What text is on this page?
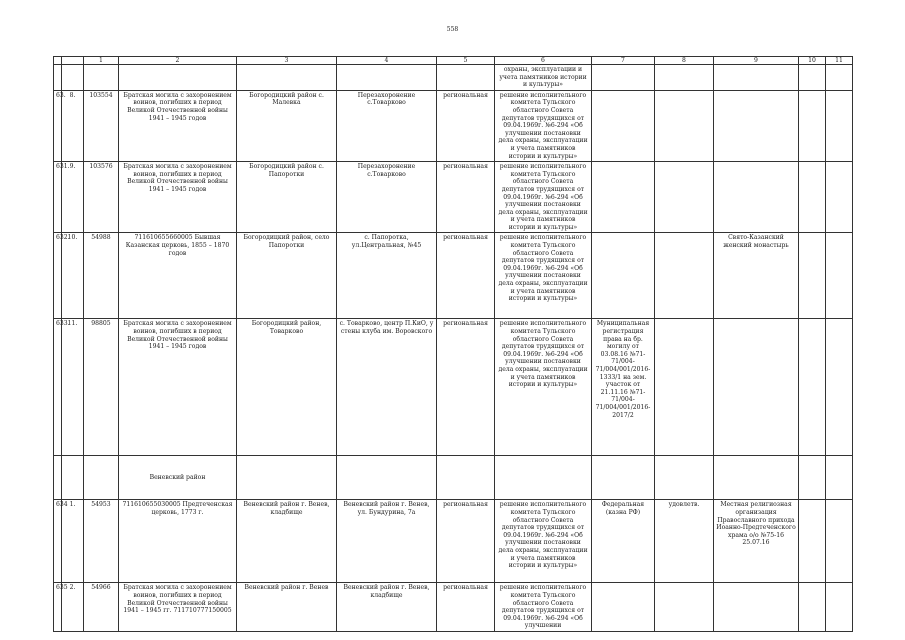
558
		1	2	3	4	5	6	7	8	9	10	11
							охраны, эксплуатации и учета памятников истории и культуры»					
63.	8.	103554	Братская могила с захоронением воинов, погибших в период Великой Отечественной войны 1941 – 1945 годов	Богородицкий район с. Малевка	Перезахоронение с.Товарково	региональная	решение исполнительного комитета Тульского областного Совета депутатов трудящихся от 09.04.1969г. №6-294 «Об улучшении постановки дела охраны, эксплуатации и учета памятников истории и культуры»					
631.	9.	103576	Братская могила с захоронением воинов, погибших в период Великой Отечественной войны 1941 – 1945 годов	Богородицкий район с. Папоротки	Перезахоронение с.Товарково	региональная	решение исполнительного комитета Тульского областного Совета депутатов трудящихся от 09.04.1969г. №6-294 «Об улучшении постановки дела охраны, эксплуатации и учета памятников истории и культуры»					
632.	10.	54988	711610655660005 Бывшая Казанская церковь, 1855 – 1870 годов	Богородицкий район, село Папоротки	с. Папоротка, ул.Центральная, №45	региональная	решение исполнительного комитета Тульского областного Совета депутатов трудящихся от 09.04.1969г. №6-294 «Об улучшении постановки дела охраны, эксплуатации и учета памятников истории и культуры»			Свято-Казанский женский монастырь		
633.	11.	98805	Братская могила с захоронением воинов, погибших в период Великой Отечественной войны 1941 – 1945 годов	Богородицкий район, Товарково	с. Товарково, центр П.КиО, у стены клуба им. Воровского	региональная	решение исполнительного комитета Тульского областного Совета депутатов трудящихся от 09.04.1969г. №6-294 «Об улучшении постановки дела охраны, эксплуатации и учета памятников истории и культуры»	Муниципальная регистрация права на бр. могилу от 03.08.16 №71-71/004-71/004/001/2016-1333/1 на зем. участок от 21.11.16 №71-71/004-71/004/001/2016-2017/2				
			Веневский район									
634	1.	54953	711610655030005 Предтеченская церковь, 1773 г.	Веневский район г. Венев, кладбище	Веневский район г. Венев, ул. Бундурина, 7а	региональная	решение исполнительного комитета Тульского областного Совета депутатов трудящихся от 09.04.1969г. №6-294 «Об улучшении постановки дела охраны, эксплуатации и учета памятников истории и культуры»	Федеральная (казна РФ)	удовлетв.	Местная религиозная организация Православного прихода Иоанно-Предтеченского храма о/о №75-16 25.07.16		
635	2.	54966	Братская могила с захоронением воинов, погибших в период Великой Отечественной войны 1941 – 1945 гг. 711710777150005	Веневский район г. Венев	Веневский район г. Венев, кладбище	региональная	решение исполнительного комитета Тульского областного Совета депутатов трудящихся от 09.04.1969г. №6-294 «Об улучшении					
